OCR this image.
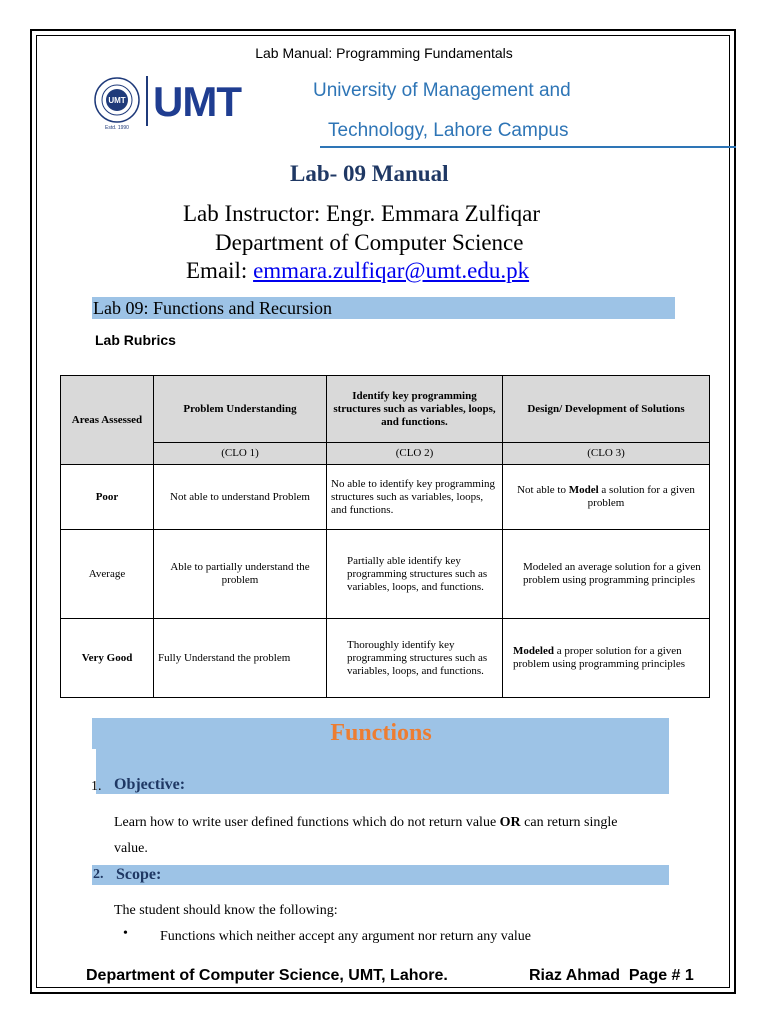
Lab Manual: Programming Fundamentals
UMT
Estd. 1990
UMT	University of Management and
Technology, Lahore Campus
Lab- 09 Manual
Lab Instructor: Engr. Emmara Zulfiqar
Department of Computer Science
Email: emmara.zulfiqar@umt.edu.pk
Lab 09: Functions and Recursion
Lab Rubrics
Areas Assessed	Problem Understanding	Identify key programming structures such as variables, loops, and functions.	Design/ Development of Solutions
	(CLO 1)	(CLO 2)	(CLO 3)
Poor	Not able to understand Problem	No able to identify key programming structures such as variables, loops, and functions.	Not able to Model a solution for a given problem
Average	Able to partially understand the problem	Partially able identify key programming structures such as variables, loops, and functions.	Modeled an average solution for a given problem using programming principles
Very Good	Fully Understand the problem	Thoroughly identify key programming structures such as variables, loops, and functions.	Modeled a proper solution for a given problem using programming principles
Functions
1. Objective:
Learn how to write user defined functions which do not return value OR can return single value.
2. Scope:
The student should know the following:
• Functions which neither accept any argument nor return any value
Department of Computer Science, UMT, Lahore.	Riaz Ahmad  Page # 1
